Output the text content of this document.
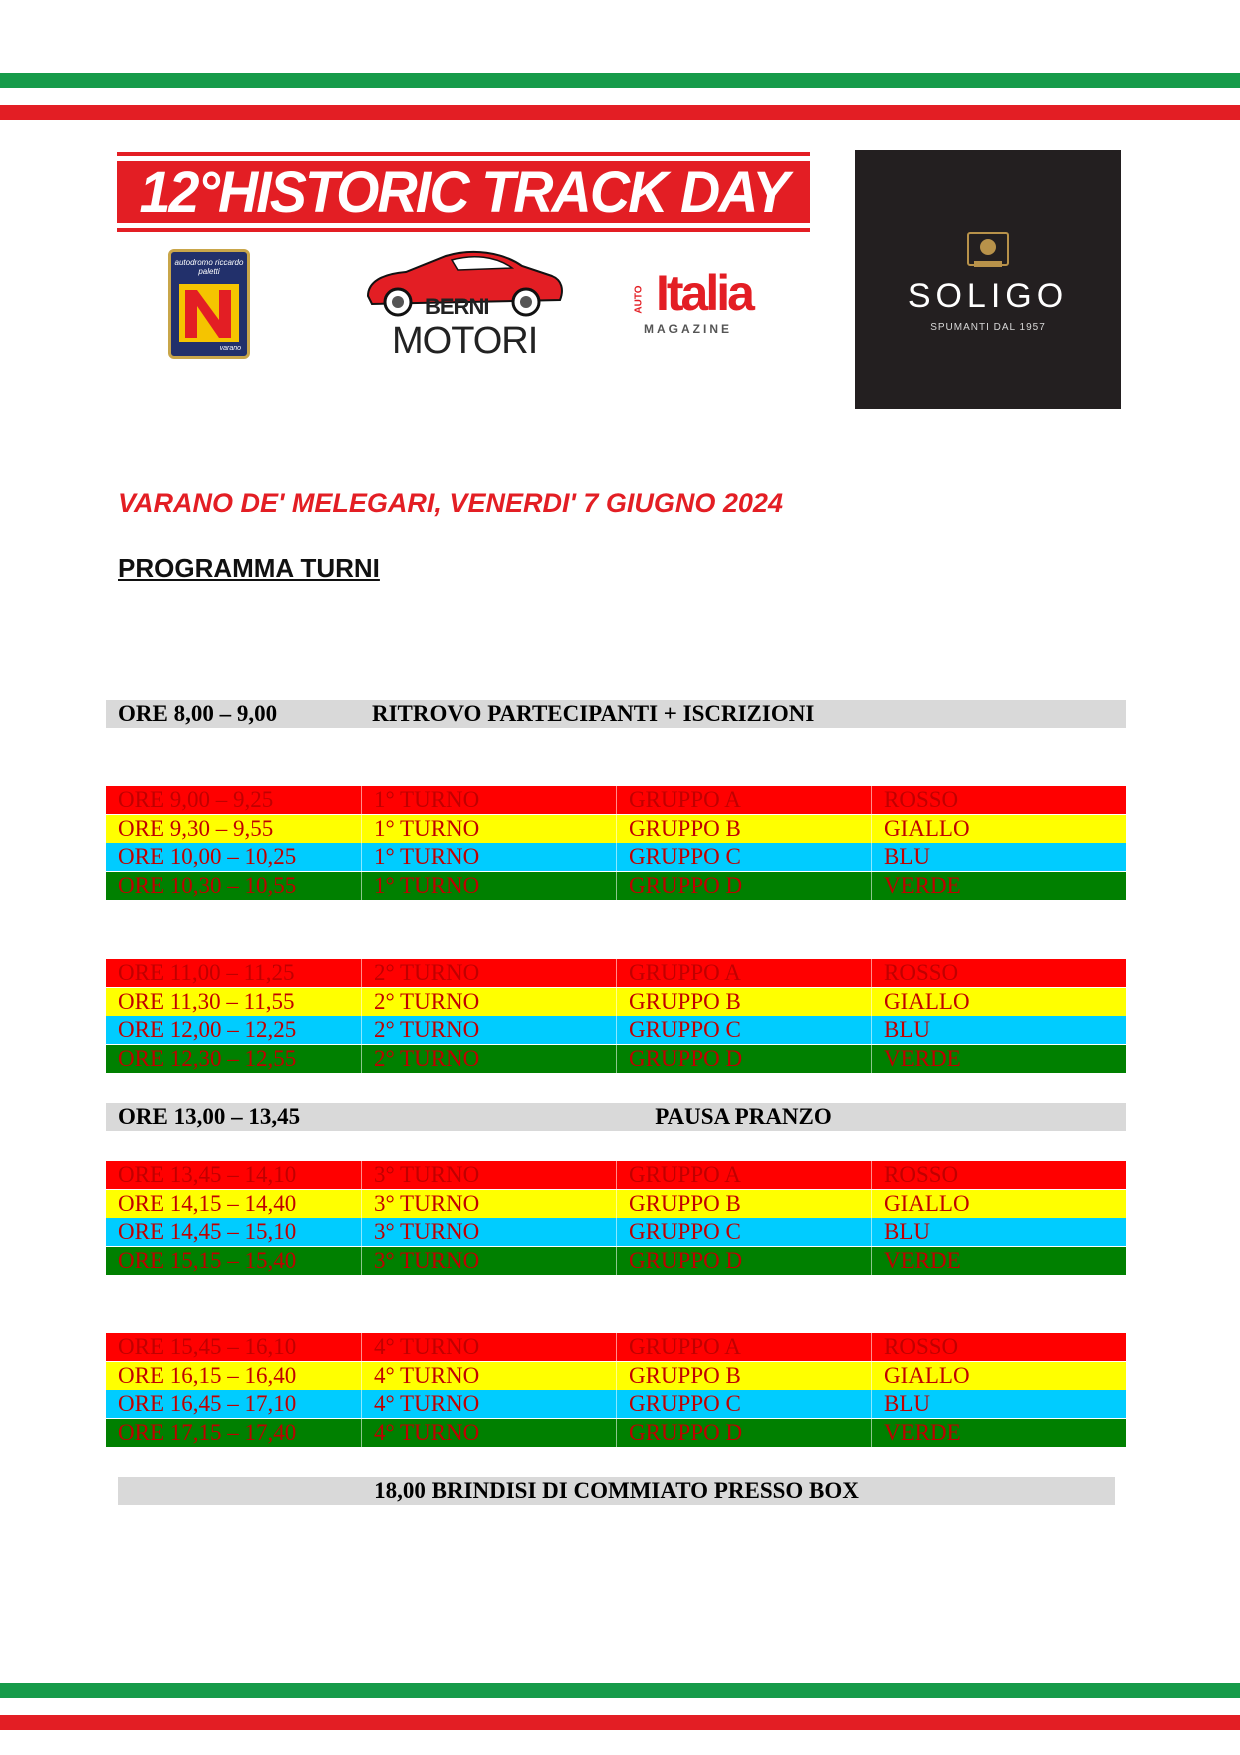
12°HISTORIC TRACK DAY
SOLIGO
SPUMANTI DAL 1957
autodromo riccardo paletti
varano
BERNI
MOTORI
AUTO Italia
MAGAZINE
VARANO DE' MELEGARI, VENERDI' 7 GIUGNO 2024
PROGRAMMA TURNI
ORE 8,00 – 9,00	RITROVO PARTECIPANTI + ISCRIZIONI
ORE 9,00 – 9,25	1° TURNO	GRUPPO A	ROSSO
ORE 9,30 – 9,55	1° TURNO	GRUPPO B	GIALLO
ORE 10,00 – 10,25	1° TURNO	GRUPPO C	BLU
ORE 10,30 – 10,55	1° TURNO	GRUPPO D	VERDE
ORE 11,00 – 11,25	2° TURNO	GRUPPO A	ROSSO
ORE 11,30 – 11,55	2° TURNO	GRUPPO B	GIALLO
ORE 12,00 – 12,25	2° TURNO	GRUPPO C	BLU
ORE 12,30 – 12,55	2° TURNO	GRUPPO D	VERDE
ORE 13,45 – 14,10	3° TURNO	GRUPPO A	ROSSO
ORE 14,15 – 14,40	3° TURNO	GRUPPO B	GIALLO
ORE 14,45 – 15,10	3° TURNO	GRUPPO C	BLU
ORE 15,15 – 15,40	3° TURNO	GRUPPO D	VERDE
ORE 15,45 – 16,10	4° TURNO	GRUPPO A	ROSSO
ORE 16,15 – 16,40	4° TURNO	GRUPPO B	GIALLO
ORE 16,45 – 17,10	4° TURNO	GRUPPO C	BLU
ORE 17,15 – 17,40	4° TURNO	GRUPPO D	VERDE
ORE 13,00 – 13,45	PAUSA PRANZO
18,00 BRINDISI DI COMMIATO PRESSO BOX
